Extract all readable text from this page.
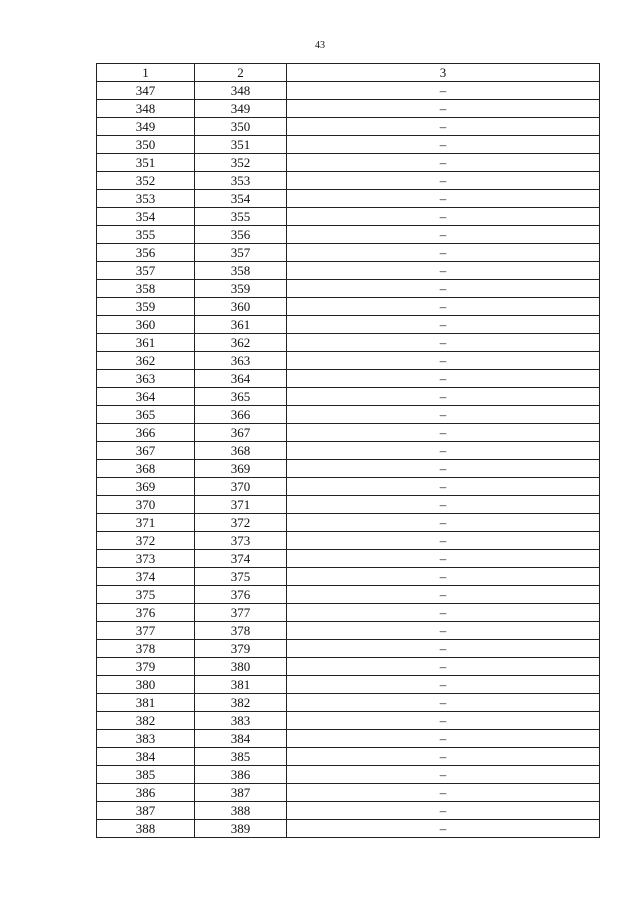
43
1	2	3
347	348	–
348	349	–
349	350	–
350	351	–
351	352	–
352	353	–
353	354	–
354	355	–
355	356	–
356	357	–
357	358	–
358	359	–
359	360	–
360	361	–
361	362	–
362	363	–
363	364	–
364	365	–
365	366	–
366	367	–
367	368	–
368	369	–
369	370	–
370	371	–
371	372	–
372	373	–
373	374	–
374	375	–
375	376	–
376	377	–
377	378	–
378	379	–
379	380	–
380	381	–
381	382	–
382	383	–
383	384	–
384	385	–
385	386	–
386	387	–
387	388	–
388	389	–
